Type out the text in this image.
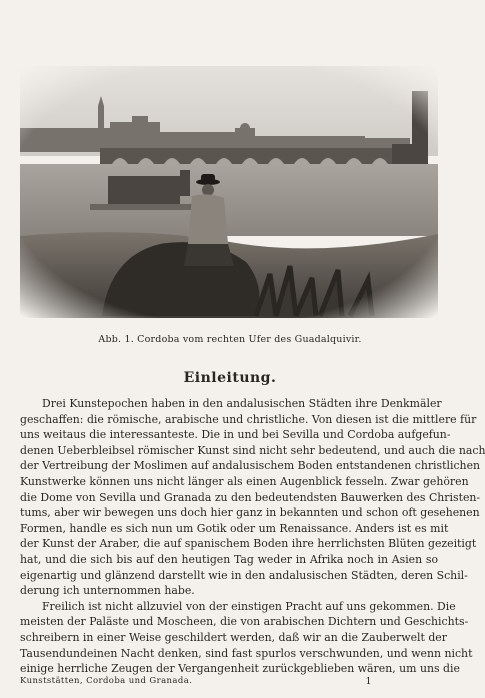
Abb. 1. Cordoba vom rechten Ufer des Guadalquivir.
Einleitung.
Drei Kunstepochen haben in den andalusischen Städten ihre Denkmäler
geschaffen: die römische, arabische und christliche. Von diesen ist die mittlere für
uns weitaus die interessanteste. Die in und bei Sevilla und Cordoba aufgefun-
denen Ueberbleibsel römischer Kunst sind nicht sehr bedeutend, und auch die nach
der Vertreibung der Moslimen auf andalusischem Boden entstandenen christlichen
Kunstwerke können uns nicht länger als einen Augenblick fesseln. Zwar gehören
die Dome von Sevilla und Granada zu den bedeutendsten Bauwerken des Christen-
tums, aber wir bewegen uns doch hier ganz in bekannten und schon oft gesehenen
Formen, handle es sich nun um Gotik oder um Renaissance. Anders ist es mit
der Kunst der Araber, die auf spanischem Boden ihre herrlichsten Blüten gezeitigt
hat, und die sich bis auf den heutigen Tag weder in Afrika noch in Asien so
eigenartig und glänzend darstellt wie in den andalusischen Städten, deren Schil-
derung ich unternommen habe.
Freilich ist nicht allzuviel von der einstigen Pracht auf uns gekommen. Die
meisten der Paläste und Moscheen, die von arabischen Dichtern und Geschichts-
schreibern in einer Weise geschildert werden, daß wir an die Zauberwelt der
Tausendundeinen Nacht denken, sind fast spurlos verschwunden, und wenn nicht
einige herrliche Zeugen der Vergangenheit zurückgeblieben wären, um uns die
Kunststätten, Cordoba und Granada.	1
